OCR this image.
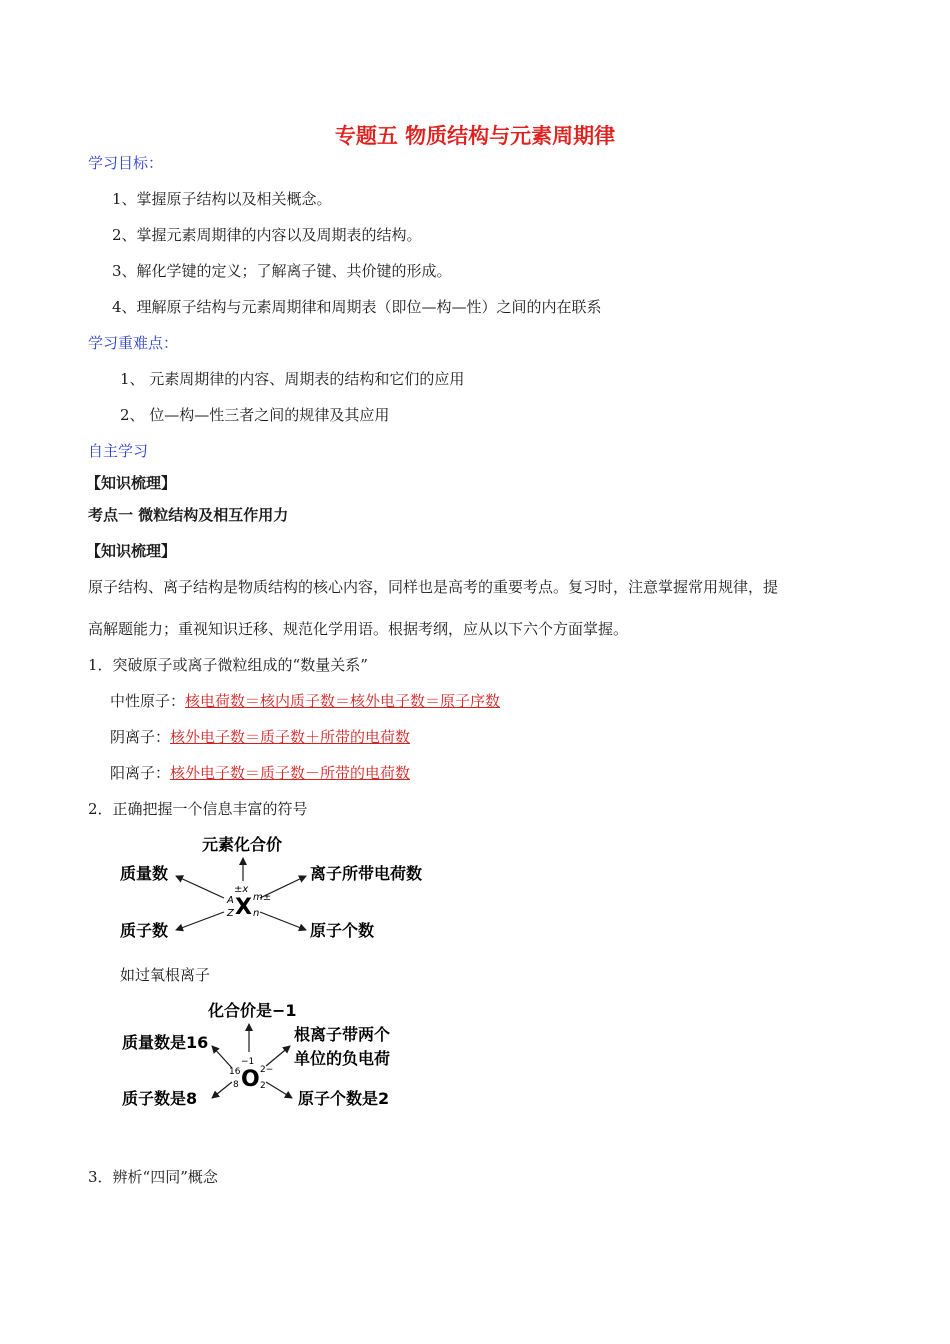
专题五 物质结构与元素周期律
学习目标：
1、掌握原子结构以及相关概念。
2、掌握元素周期律的内容以及周期表的结构。
3、解化学键的定义；了解离子键、共价键的形成。
4、理解原子结构与元素周期律和周期表（即位—构—性）之间的内在联系
学习重难点：
1、 元素周期律的内容、周期表的结构和它们的应用
2、 位—构—性三者之间的规律及其应用
自主学习
【知识梳理】
考点一 微粒结构及相互作用力
【知识梳理】
原子结构、离子结构是物质结构的核心内容，同样也是高考的重要考点。复习时，注意掌握常用规律，提
高解题能力；重视知识迁移、规范化学用语。根据考纲，应从以下六个方面掌握。
1．突破原子或离子微粒组成的“数量关系”
中性原子：核电荷数＝核内质子数＝核外电子数＝原子序数
阴离子：核外电子数＝质子数＋所带的电荷数
阳离子：核外电子数＝质子数－所带的电荷数
2．正确把握一个信息丰富的符号
元素化合价
质量数	离子所带电荷数
质子数	原子个数
X
A
Z
±x
m±
n
如过氧根离子
化合价是−1
质量数是16	根离子带两个
单位的负电荷
质子数是8	原子个数是2
O
16
8
−1
2−
2
3．辨析“四同”概念
